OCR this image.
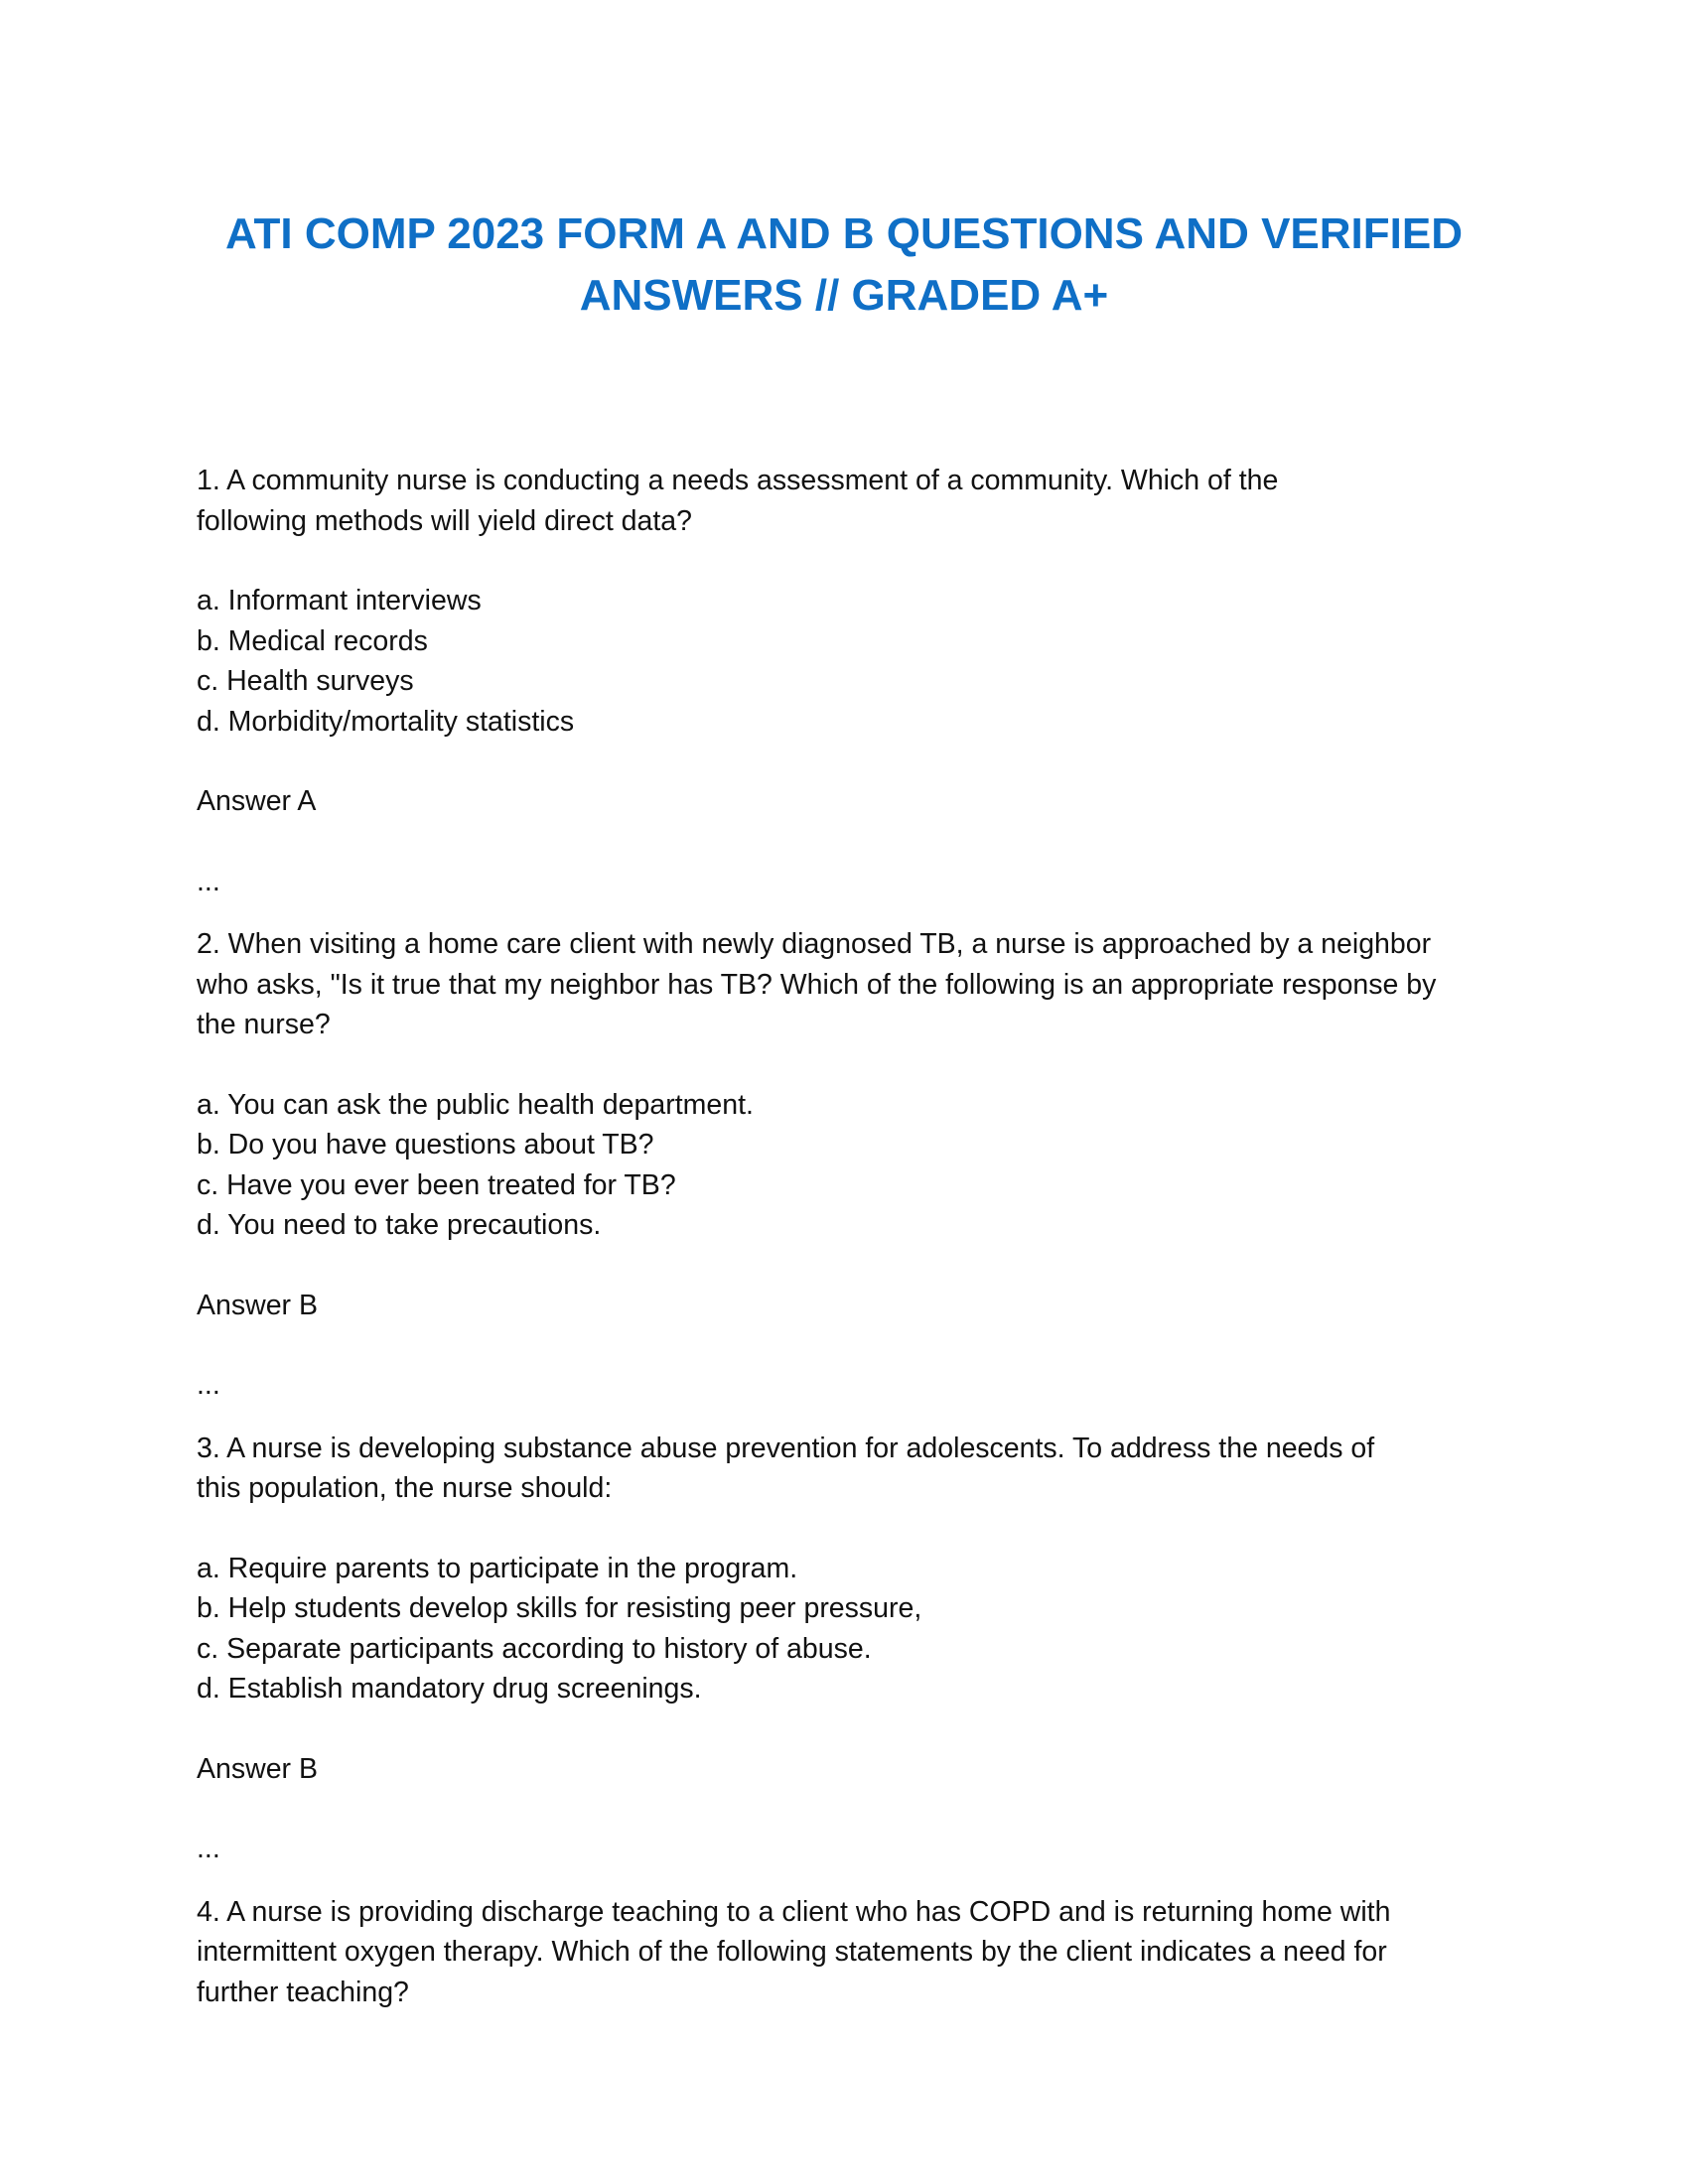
ATI COMP 2023 FORM A AND B QUESTIONS AND VERIFIED
ANSWERS // GRADED A+

1. A community nurse is conducting a needs assessment of a community. Which of the following methods will yield direct data?

a. Informant interviews
b. Medical records
c. Health surveys
d. Morbidity/mortality statistics

Answer A

...

2. When visiting a home care client with newly diagnosed TB, a nurse is approached by a neighbor who asks, "Is it true that my neighbor has TB? Which of the following is an appropriate response by the nurse?

a. You can ask the public health department.
b. Do you have questions about TB?
c. Have you ever been treated for TB?
d. You need to take precautions.

Answer B

...

3. A nurse is developing substance abuse prevention for adolescents. To address the needs of this population, the nurse should:

a. Require parents to participate in the program.
b. Help students develop skills for resisting peer pressure,
c. Separate participants according to history of abuse.
d. Establish mandatory drug screenings.

Answer B

...

4. A nurse is providing discharge teaching to a client who has COPD and is returning home with intermittent oxygen therapy. Which of the following statements by the client indicates a need for further teaching?
